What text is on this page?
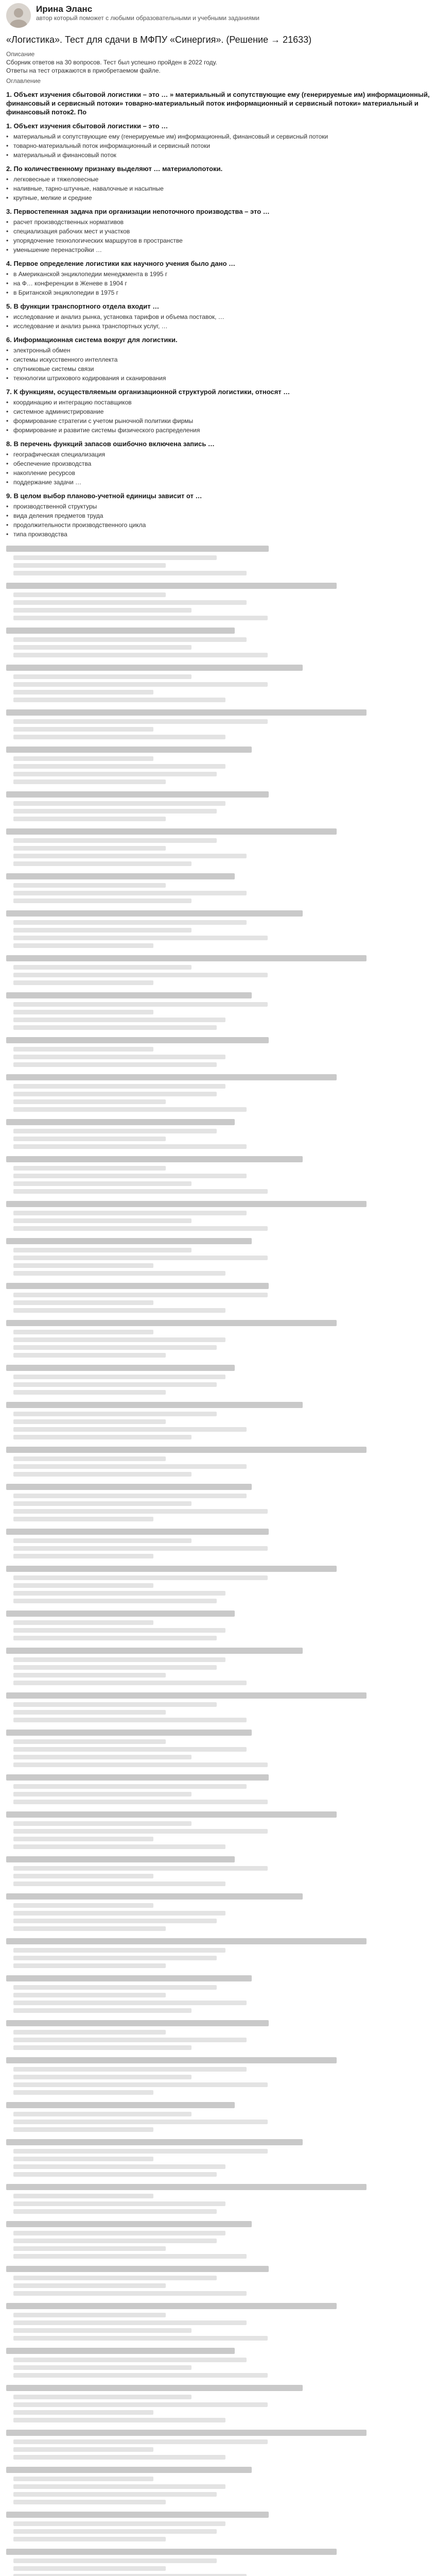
Ирина Эланс
автор который поможет с любыми образовательными и учебными заданиями
«Логистика». Тест для сдачи в МФПУ «Синергия». (Решение → 21633)
Описание
Сборник ответов на 30 вопросов. Тест был успешно пройден в 2022 году.
Ответы на тест отражаются в приобретаемом файле.
Оглавление
1. Объект изучения сбытовой логистики – это … » материальный и сопутствующие ему (генерируемые им) информационный, финансовый и сервисный потоки» товарно-материальный поток информационный и сервисный потоки» материальный и финансовый поток2. По
1. Объект изучения сбытовой логистики – это …
• материальный и сопутствующие ему (генерируемые им) информационный, финансовый и сервисный потоки
• товарно-материальный поток информационный и сервисный потоки
• материальный и финансовый поток
2. По количественному признаку выделяют … материалопотоки.
• легковесные и тяжеловесные
• наливные, тарно-штучные, навалочные и насыпные
• крупные, мелкие и средние
3. Первостепенная задача при организации непоточного производства – это …
• расчет производственных нормативов
• специализация рабочих мест и участков
• упорядочение технологических маршрутов в пространстве
• уменьшение перенастройки …
4. Первое определение логистики как научного учения было дано …
• в Американской энциклопедии менеджмента в 1995 г
• на Ф… конференции в Женеве в 1904 г
• в Британской энциклопедии в 1975 г
5. В функции транспортного отдела входит …
• исследование и анализ рынка, установка тарифов и объема поставок, …
• исследование и анализ рынка транспортных услуг, …
6. Информационная система вокруг для логистики.
• электронный обмен
• системы искусственного интеллекта
• спутниковые системы связи
• технологии штрихового кодирования и сканирования
7. К функциям, осуществляемым организационной структурой логистики, относят …
• координацию и интеграцию поставщиков
• системное администрирование
• формирование стратегии с учетом рыночной политики фирмы
• формирование и развитие системы физического распределения
8. В перечень функций запасов ошибочно включена запись …
• географическая специализация
• обеспечение производства
• накопление ресурсов
• поддержание задачи …
9. В целом выбор планово-учетной единицы зависит от …
• производственной структуры
• вида деления предметов труда
• продолжительности производственного цикла
• типа производства
